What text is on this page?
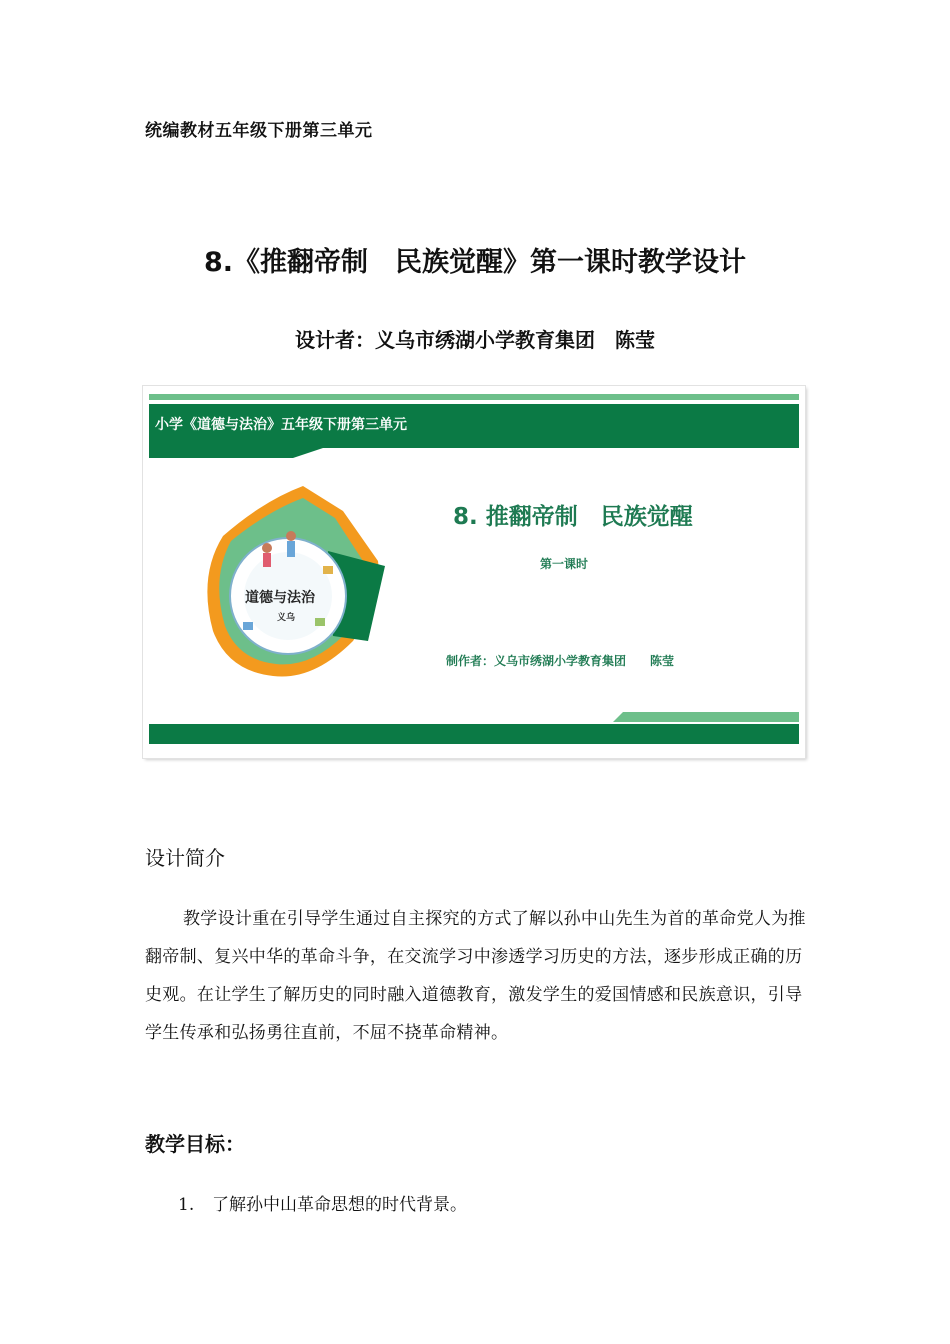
统编教材五年级下册第三单元
8.《推翻帝制　民族觉醒》第一课时教学设计
设计者：义乌市绣湖小学教育集团　陈莹
小学《道德与法治》五年级下册第三单元
8. 推翻帝制　民族觉醒
第一课时
制作者：义乌市绣湖小学教育集团　　陈莹
道德与法治
义乌
设计简介
教学设计重在引导学生通过自主探究的方式了解以孙中山先生为首的革命党人为推翻帝制、复兴中华的革命斗争，在交流学习中渗透学习历史的方法，逐步形成正确的历史观。在让学生了解历史的同时融入道德教育，激发学生的爱国情感和民族意识，引导学生传承和弘扬勇往直前，不屈不挠革命精神。
教学目标：
1. 了解孙中山革命思想的时代背景。
